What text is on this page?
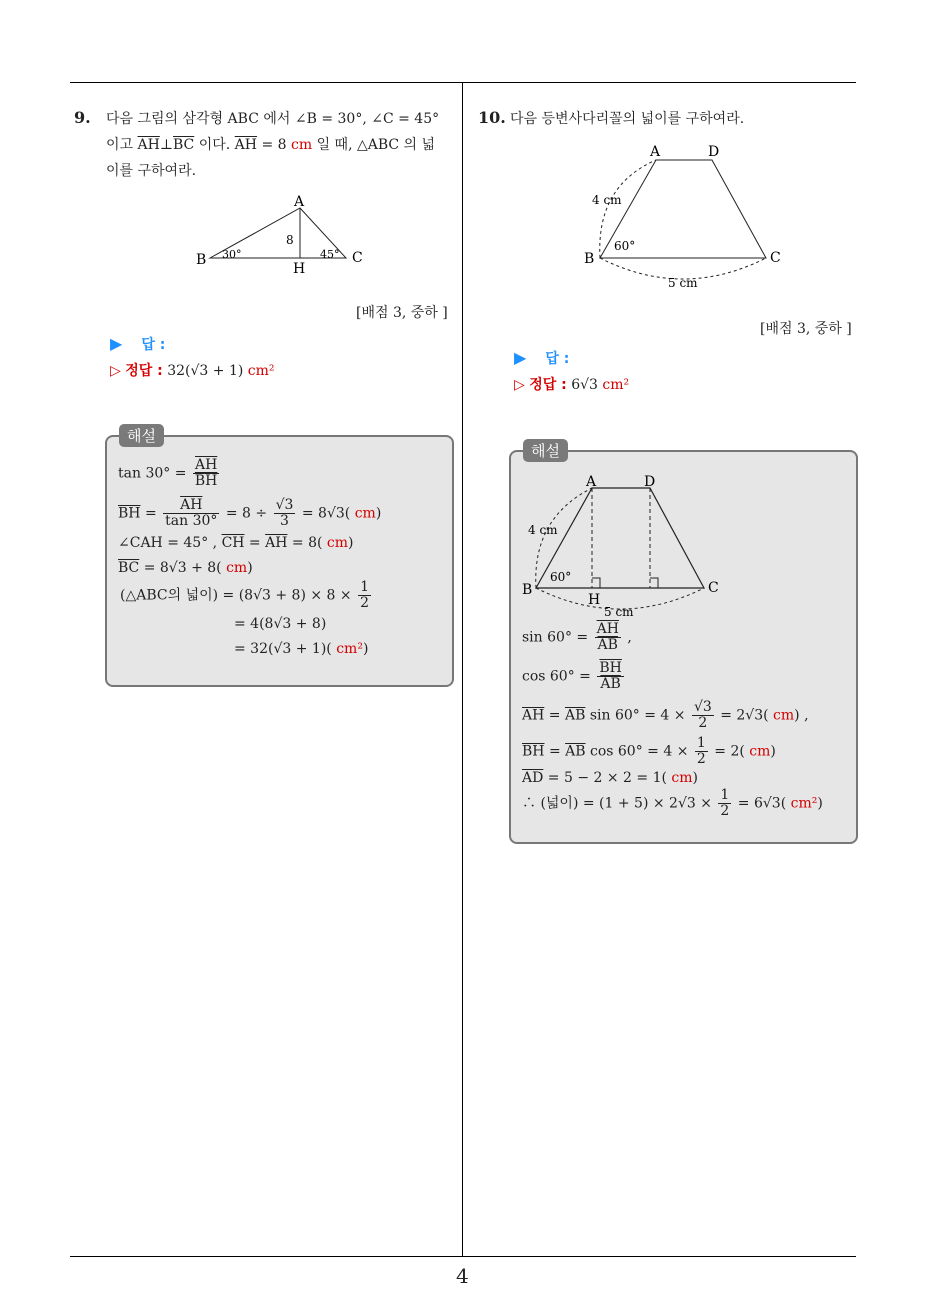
4
9. 다음 그림의 삼각형 ABC 에서 ∠B = 30°, ∠C = 45°
이고 $\overline{AH}\perp\overline{BC}$ 이다. $\overline{AH} = 8$ cm 일 때, △ABC 의 넓
이를 구하여라.
A
B
H
C
8
30°	45°
[배점 3, 중하 ]
▶ 답 :
▷ 정답 : 32(√3 + 1) cm²
해설
$\tan 30^\circ = \frac{\overline{AH}}{BH}$
$\overline{BH} = \frac{\overline{AH}}{\tan 30^\circ} = 8 \div \frac{√3}{3} = 8√3$( cm)
∠CAH = 45° , $\overline{CH} = \overline{AH} = 8$( cm)
$\overline{BC} = 8√3 + 8$( cm)
(△ABC의 넓이) = $(8√3 + 8) \times 8 \times \frac{1}{2}$
= 4(8√3 + 8)
= 32(√3 + 1)( cm²)
10. 다음 등변사다리꼴의 넓이를 구하여라.
A	D
B	C
4 cm
60°
5 cm
[배점 3, 중하 ]
▶ 답 :
▷ 정답 : 6√3 cm²
해설
A	D
B	C
H
4 cm
60°
5 cm
$\sin 60^\circ = \frac{\overline{AH}}{AB}$ ,
$\cos 60^\circ = \frac{\overline{BH}}{AB}$
$\overline{AH} = \overline{AB}$ $\sin 60^\circ = 4 \times \frac{√3}{2} = 2√3$( cm) ,
$\overline{BH} = \overline{AB}$ $\cos 60^\circ = 4 \times \frac{1}{2} = 2$( cm)
$\overline{AD} = 5 - 2 \times 2 = 1$( cm)
∴ (넓이) = $(1 + 5) \times 2√3 \times \frac{1}{2} = 6√3$( cm²)
